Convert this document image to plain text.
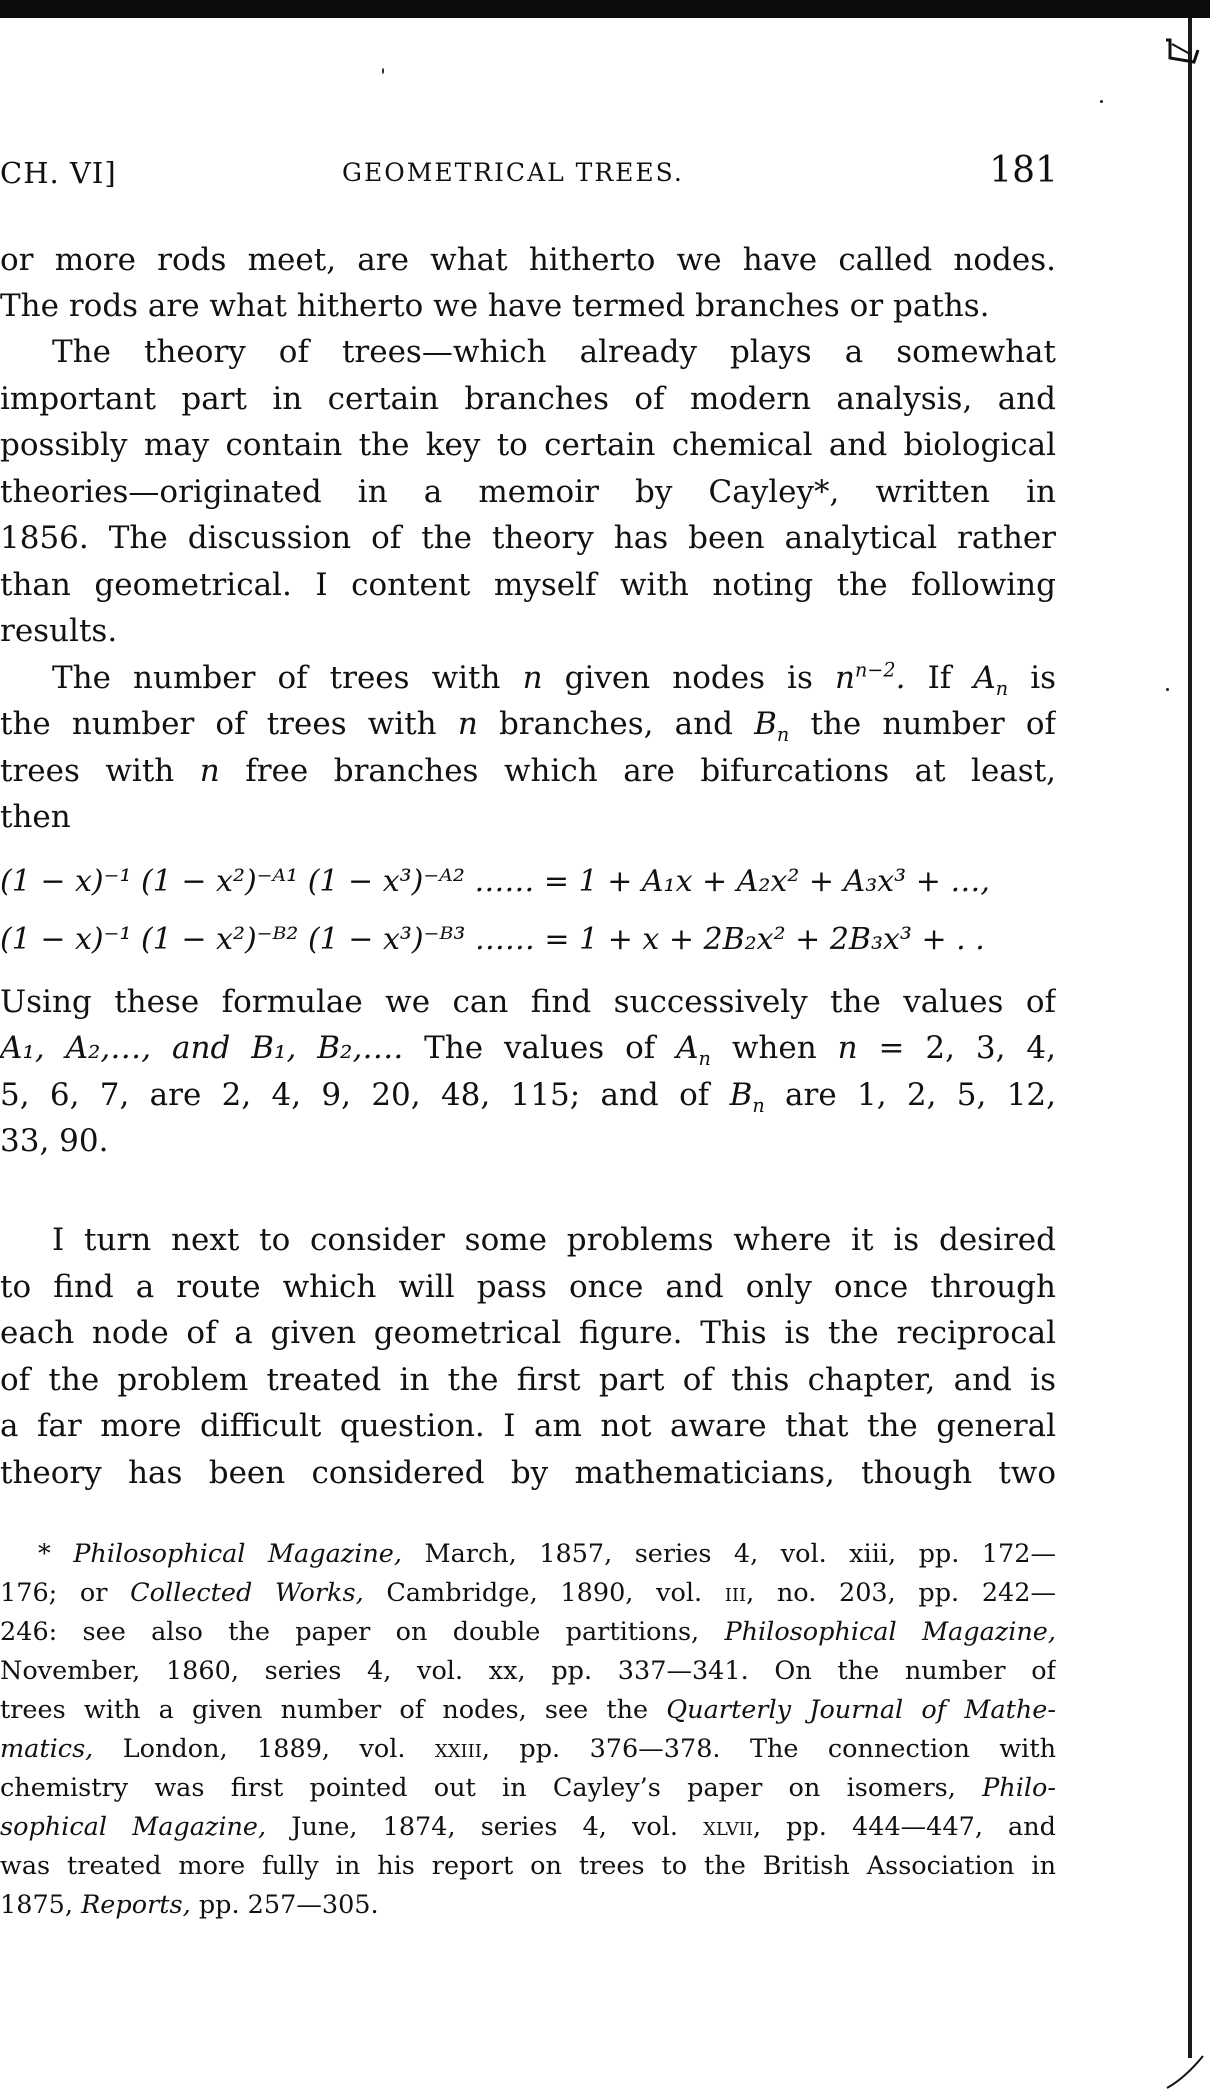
CH. VI]	GEOMETRICAL TREES.	181
or more rods meet, are what hitherto we have called nodes.
The rods are what hitherto we have termed branches or paths.
The theory of trees—which already plays a somewhat
important part in certain branches of modern analysis, and
possibly may contain the key to certain chemical and biological
theories—originated in a memoir by Cayley*, written in
1856. The discussion of the theory has been analytical rather
than geometrical. I content myself with noting the following
results.
The number of trees with n given nodes is $n^{n-2}$. If $A_n$ is
the number of trees with n branches, and $B_n$ the number of
trees with n free branches which are bifurcations at least,
then
(1 − x)⁻¹ (1 − x²)⁻ᴬ¹ (1 − x³)⁻ᴬ² …… = 1 + A₁x + A₂x² + A₃x³ + …,
(1 − x)⁻¹ (1 − x²)⁻ᴮ² (1 − x³)⁻ᴮ³ …… = 1 + x + 2B₂x² + 2B₃x³ + . .
Using these formulae we can find successively the values of
A₁, A₂,…, and B₁, B₂,…. The values of $A_n$ when n = 2, 3, 4,
5, 6, 7, are 2, 4, 9, 20, 48, 115; and of $B_n$ are 1, 2, 5, 12,
33, 90.
I turn next to consider some problems where it is desired
to find a route which will pass once and only once through
each node of a given geometrical figure. This is the reciprocal
of the problem treated in the first part of this chapter, and is
a far more difficult question. I am not aware that the general
theory has been considered by mathematicians, though two
* Philosophical Magazine, March, 1857, series 4, vol. xiii, pp. 172—
176; or Collected Works, Cambridge, 1890, vol. iii, no. 203, pp. 242—
246: see also the paper on double partitions, Philosophical Magazine,
November, 1860, series 4, vol. xx, pp. 337—341. On the number of
trees with a given number of nodes, see the Quarterly Journal of Mathe-
matics, London, 1889, vol. xxiii, pp. 376—378. The connection with
chemistry was first pointed out in Cayley’s paper on isomers, Philo-
sophical Magazine, June, 1874, series 4, vol. xlvii, pp. 444—447, and
was treated more fully in his report on trees to the British Association in
1875, Reports, pp. 257—305.
